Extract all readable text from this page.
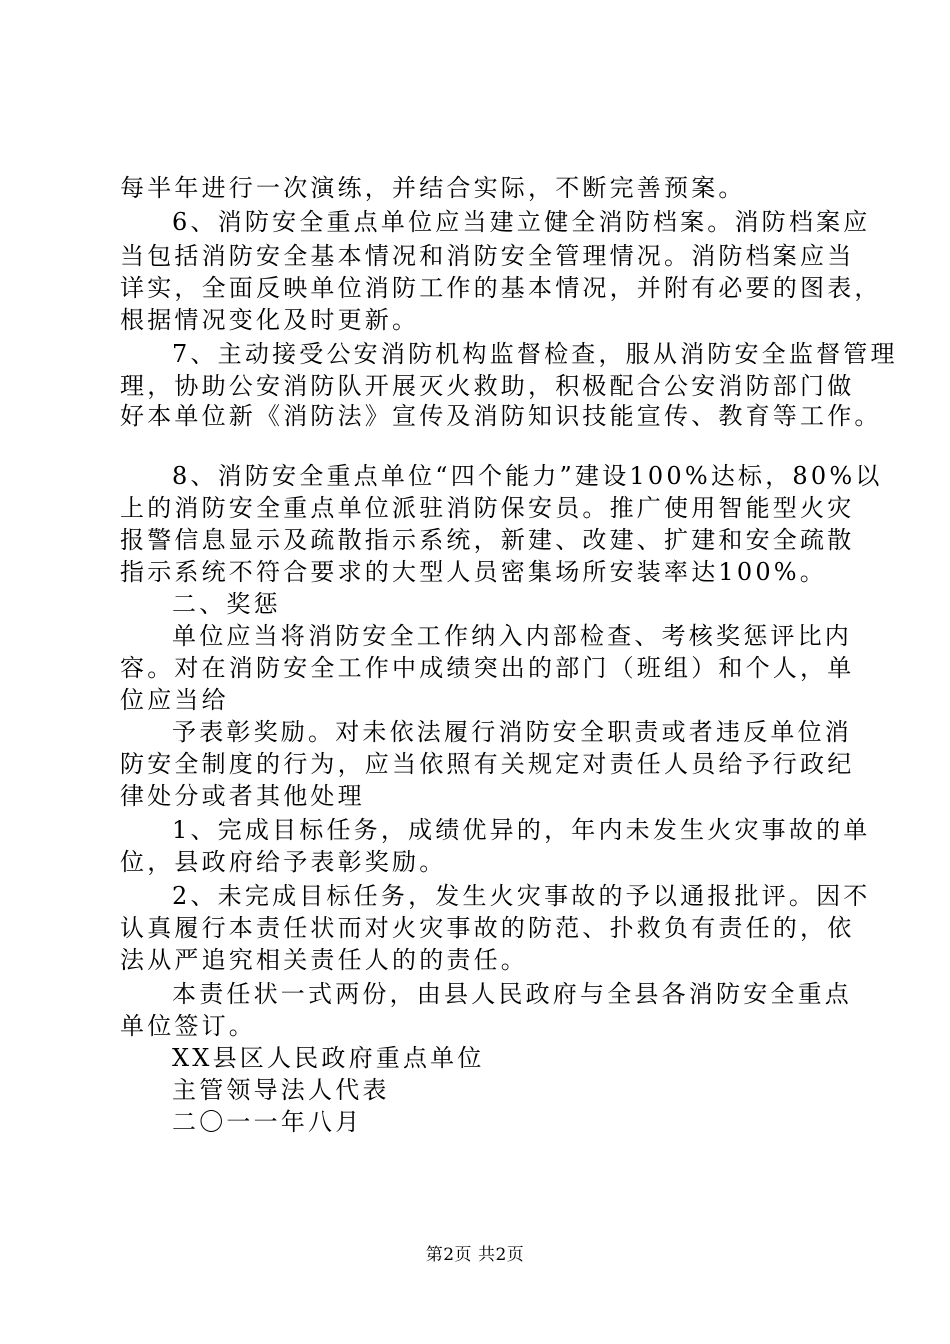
每半年进行一次演练，并结合实际，不断完善预案。
6、消防安全重点单位应当建立健全消防档案。消防档案应
当包括消防安全基本情况和消防安全管理情况。消防档案应当
详实，全面反映单位消防工作的基本情况，并附有必要的图表，
根据情况变化及时更新。
7、主动接受公安消防机构监督检查，服从消防安全监督管理
理，协助公安消防队开展灭火救助，积极配合公安消防部门做
好本单位新《消防法》宣传及消防知识技能宣传、教育等工作。
8、消防安全重点单位“四个能力”建设100%达标，80%以
上的消防安全重点单位派驻消防保安员。推广使用智能型火灾
报警信息显示及疏散指示系统，新建、改建、扩建和安全疏散
指示系统不符合要求的大型人员密集场所安装率达100%。
二、奖惩
单位应当将消防安全工作纳入内部检查、考核奖惩评比内
容。对在消防安全工作中成绩突出的部门（班组）和个人，单
位应当给
予表彰奖励。对未依法履行消防安全职责或者违反单位消
防安全制度的行为，应当依照有关规定对责任人员给予行政纪
律处分或者其他处理
1、完成目标任务，成绩优异的，年内未发生火灾事故的单
位，县政府给予表彰奖励。
2、未完成目标任务，发生火灾事故的予以通报批评。因不
认真履行本责任状而对火灾事故的防范、扑救负有责任的，依
法从严追究相关责任人的的责任。
本责任状一式两份，由县人民政府与全县各消防安全重点
单位签订。
XX县区人民政府重点单位
主管领导法人代表
二〇一一年八月
第2页 共2页
